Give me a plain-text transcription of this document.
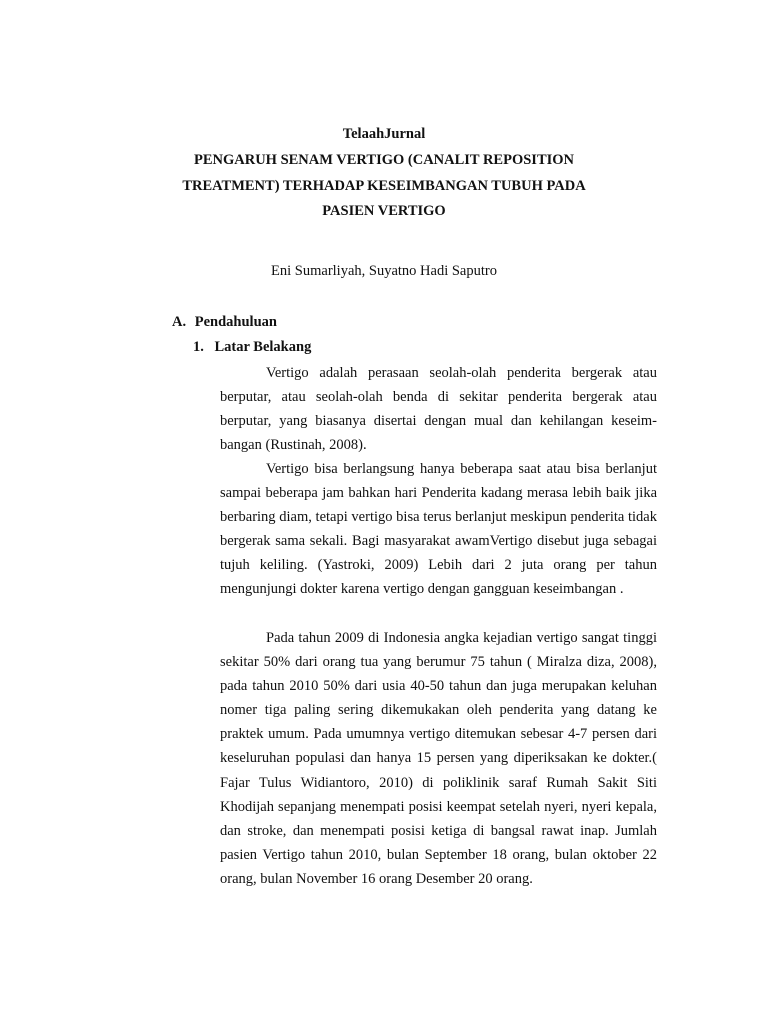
TelaahJurnal
PENGARUH SENAM VERTIGO (CANALIT REPOSITION
TREATMENT) TERHADAP KESEIMBANGAN TUBUH PADA
PASIEN VERTIGO
Eni Sumarliyah, Suyatno Hadi Saputro
A. Pendahuluan
1. Latar Belakang

Vertigo adalah perasaan seolah-olah penderita bergerak atau berputar, atau seolah-olah benda di sekitar penderita bergerak atau berputar, yang biasanya disertai dengan mual dan kehilangan keseim-bangan (Rustinah, 2008).

Vertigo bisa berlangsung hanya beberapa saat atau bisa berlanjut sampai beberapa jam bahkan hari Penderita kadang merasa lebih baik jika berbaring diam, tetapi vertigo bisa terus berlanjut meskipun penderita tidak bergerak sama sekali. Bagi masyarakat awamVertigo disebut juga sebagai tujuh keliling. (Yastroki, 2009) Lebih dari 2 juta orang per tahun mengunjungi dokter karena vertigo dengan gangguan keseimbangan .

Pada tahun 2009 di Indonesia angka kejadian vertigo sangat tinggi sekitar 50% dari orang tua yang berumur 75 tahun ( Miralza diza, 2008), pada tahun 2010 50% dari usia 40-50 tahun dan juga merupakan keluhan nomer tiga paling sering dikemukakan oleh penderita yang datang ke praktek umum. Pada umumnya vertigo ditemukan sebesar 4-7 persen dari keseluruhan populasi dan hanya 15 persen yang diperiksakan ke dokter.( Fajar Tulus Widiantoro, 2010) di poliklinik saraf Rumah Sakit Siti Khodijah sepanjang menempati posisi keempat setelah nyeri, nyeri kepala, dan stroke, dan menempati posisi ketiga di bangsal rawat inap. Jumlah pasien Vertigo tahun 2010, bulan September 18 orang, bulan oktober 22 orang, bulan November 16 orang Desember 20 orang.
